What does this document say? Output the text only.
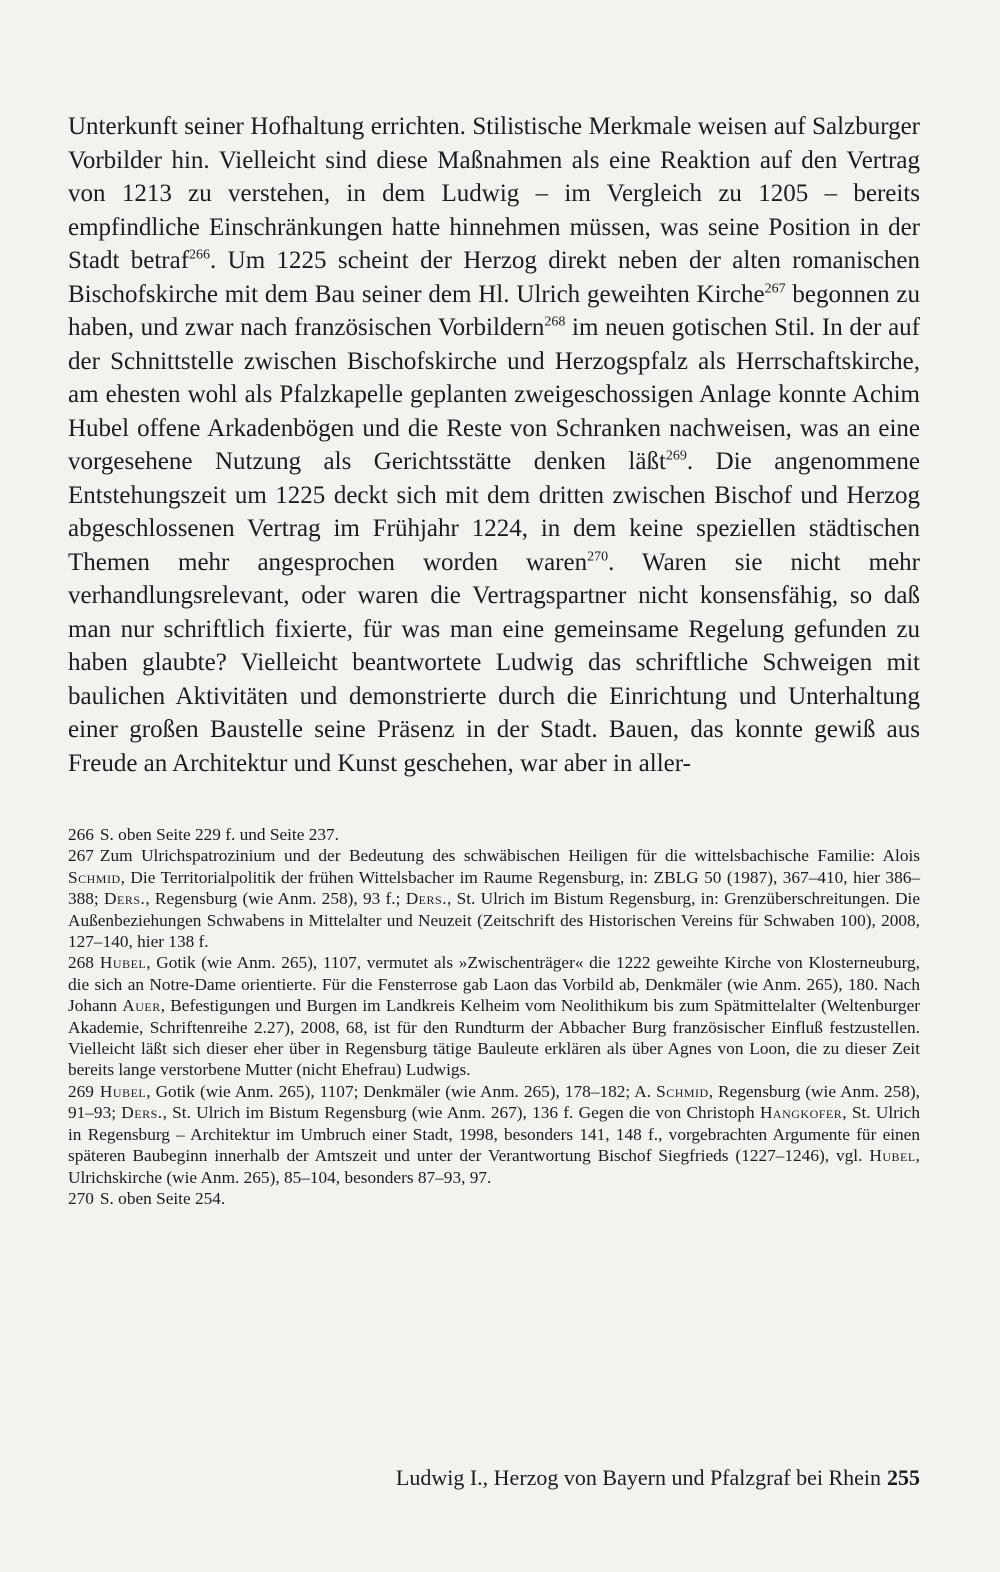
Unterkunft seiner Hofhaltung errichten. Stilistische Merkmale weisen auf Salzburger Vorbilder hin. Vielleicht sind diese Maßnahmen als eine Reaktion auf den Vertrag von 1213 zu verstehen, in dem Ludwig – im Vergleich zu 1205 – bereits empfindliche Einschränkungen hatte hinnehmen müssen, was seine Position in der Stadt betraf$^{266}$. Um 1225 scheint der Herzog direkt neben der alten romanischen Bischofskirche mit dem Bau seiner dem Hl. Ulrich geweihten Kirche$^{267}$ begonnen zu haben, und zwar nach französischen Vorbildern$^{268}$ im neuen gotischen Stil. In der auf der Schnittstelle zwischen Bischofskirche und Herzogspfalz als Herrschaftskirche, am ehesten wohl als Pfalzkapelle geplanten zweigeschossigen Anlage konnte Achim Hubel offene Arkadenbögen und die Reste von Schranken nachweisen, was an eine vorgesehene Nutzung als Gerichtsstätte denken läßt$^{269}$. Die angenommene Entstehungszeit um 1225 deckt sich mit dem dritten zwischen Bischof und Herzog abgeschlossenen Vertrag im Frühjahr 1224, in dem keine speziellen städtischen Themen mehr angesprochen worden waren$^{270}$. Waren sie nicht mehr verhandlungsrelevant, oder waren die Vertragspartner nicht konsensfähig, so daß man nur schriftlich fixierte, für was man eine gemeinsame Regelung gefunden zu haben glaubte? Vielleicht beantwortete Ludwig das schriftliche Schweigen mit baulichen Aktivitäten und demonstrierte durch die Einrichtung und Unterhaltung einer großen Baustelle seine Präsenz in der Stadt. Bauen, das konnte gewiß aus Freude an Architektur und Kunst geschehen, war aber in aller-

266 S. oben Seite 229 f. und Seite 237.

267 Zum Ulrichspatrozinium und der Bedeutung des schwäbischen Heiligen für die wittelsbachische Familie: Alois Schmid, Die Territorialpolitik der frühen Wittelsbacher im Raume Regensburg, in: ZBLG 50 (1987), 367–410, hier 386–388; Ders., Regensburg (wie Anm. 258), 93 f.; Ders., St. Ulrich im Bistum Regensburg, in: Grenzüberschreitungen. Die Außenbeziehungen Schwabens in Mittelalter und Neuzeit (Zeitschrift des Historischen Vereins für Schwaben 100), 2008, 127–140, hier 138 f.

268 Hubel, Gotik (wie Anm. 265), 1107, vermutet als »Zwischenträger« die 1222 geweihte Kirche von Klosterneuburg, die sich an Notre-Dame orientierte. Für die Fensterrose gab Laon das Vorbild ab, Denkmäler (wie Anm. 265), 180. Nach Johann Auer, Befestigungen und Burgen im Landkreis Kelheim vom Neolithikum bis zum Spätmittelalter (Weltenburger Akademie, Schriftenreihe 2.27), 2008, 68, ist für den Rundturm der Abbacher Burg französischer Einfluß festzustellen. Vielleicht läßt sich dieser eher über in Regensburg tätige Bauleute erklären als über Agnes von Loon, die zu dieser Zeit bereits lange verstorbene Mutter (nicht Ehefrau) Ludwigs.

269 Hubel, Gotik (wie Anm. 265), 1107; Denkmäler (wie Anm. 265), 178–182; A. Schmid, Regensburg (wie Anm. 258), 91–93; Ders., St. Ulrich im Bistum Regensburg (wie Anm. 267), 136 f. Gegen die von Christoph Hangkofer, St. Ulrich in Regensburg – Architektur im Umbruch einer Stadt, 1998, besonders 141, 148 f., vorgebrachten Argumente für einen späteren Baubeginn innerhalb der Amtszeit und unter der Verantwortung Bischof Siegfrieds (1227–1246), vgl. Hubel, Ulrichskirche (wie Anm. 265), 85–104, besonders 87–93, 97.

270 S. oben Seite 254.

Ludwig I., Herzog von Bayern und Pfalzgraf bei Rhein 255
